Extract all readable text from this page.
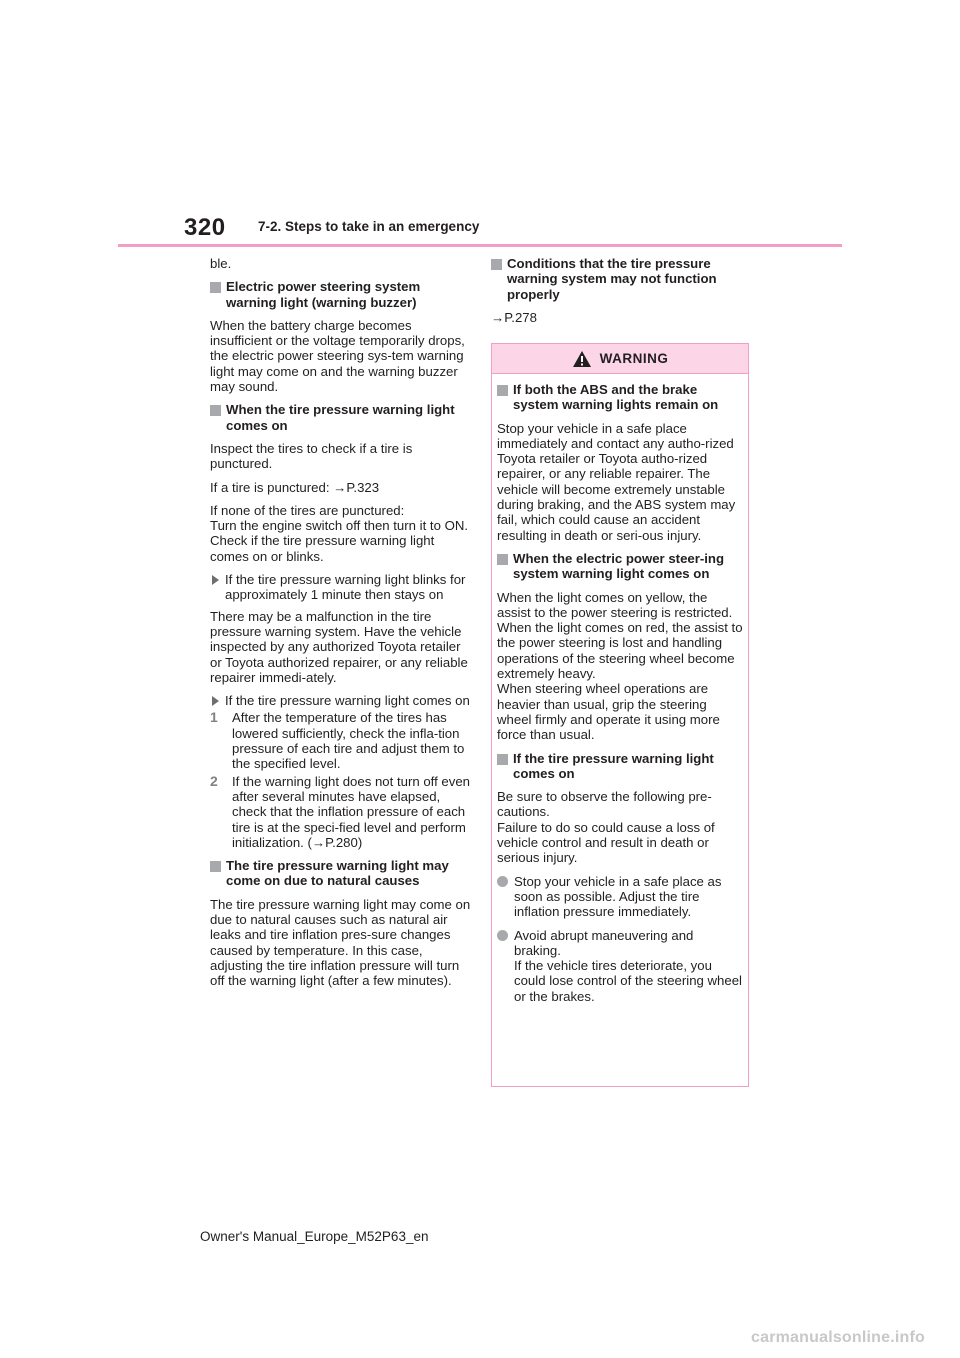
320 7-2. Steps to take in an emergency
ble.
Electric power steering system warning light (warning buzzer)
When the battery charge becomes insufficient or the voltage temporarily drops, the electric power steering sys-tem warning light may come on and the warning buzzer may sound.
When the tire pressure warning light comes on
Inspect the tires to check if a tire is punctured.
If a tire is punctured: →P.323
If none of the tires are punctured:
Turn the engine switch off then turn it to ON. Check if the tire pressure warning light comes on or blinks.
If the tire pressure warning light blinks for approximately 1 minute then stays on
There may be a malfunction in the tire pressure warning system. Have the vehicle inspected by any authorized Toyota retailer or Toyota authorized repairer, or any reliable repairer immedi-ately.
If the tire pressure warning light comes on
1 After the temperature of the tires has lowered sufficiently, check the infla-tion pressure of each tire and adjust them to the specified level.
2 If the warning light does not turn off even after several minutes have elapsed, check that the inflation pressure of each tire is at the speci-fied level and perform initialization. (→P.280)
The tire pressure warning light may come on due to natural causes
The tire pressure warning light may come on due to natural causes such as natural air leaks and tire inflation pres-sure changes caused by temperature. In this case, adjusting the tire inflation pressure will turn off the warning light (after a few minutes).
Conditions that the tire pressure warning system may not function properly
→P.278
WARNING
If both the ABS and the brake system warning lights remain on
Stop your vehicle in a safe place immediately and contact any autho-rized Toyota retailer or Toyota autho-rized repairer, or any reliable repairer. The vehicle will become extremely unstable during braking, and the ABS system may fail, which could cause an accident resulting in death or seri-ous injury.
When the electric power steer-ing system warning light comes on
When the light comes on yellow, the assist to the power steering is restricted. When the light comes on red, the assist to the power steering is lost and handling operations of the steering wheel become extremely heavy.
When steering wheel operations are heavier than usual, grip the steering wheel firmly and operate it using more force than usual.
If the tire pressure warning light comes on
Be sure to observe the following pre-cautions.
Failure to do so could cause a loss of vehicle control and result in death or serious injury.
Stop your vehicle in a safe place as soon as possible. Adjust the tire inflation pressure immediately.
Avoid abrupt maneuvering and braking.
If the vehicle tires deteriorate, you could lose control of the steering wheel or the brakes.
Owner's Manual_Europe_M52P63_en
carmanualsonline.info
